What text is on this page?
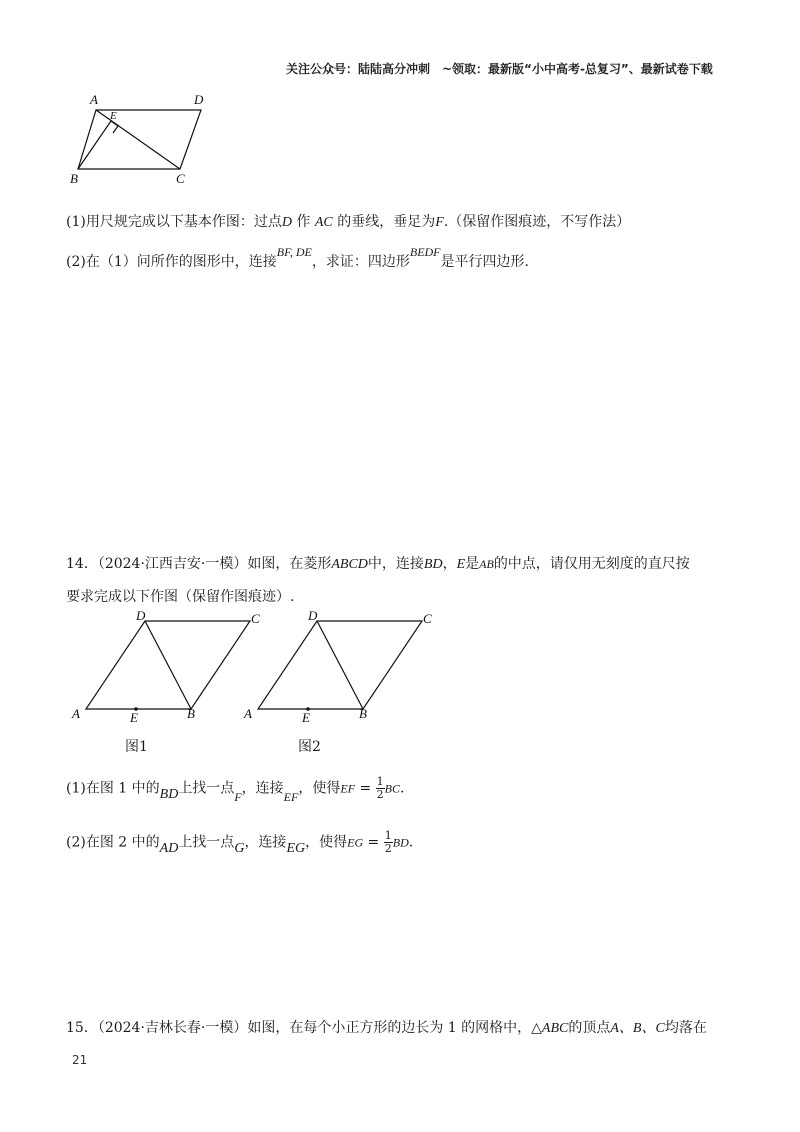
关注公众号：陆陆高分冲刺　~领取：最新版“小中高考-总复习”、最新试卷下载
A	D
E
B	C
(1)用尺规完成以下基本作图：过点D 作 AC 的垂线，垂足为F.（保留作图痕迹，不写作法）
(2)在（1）问所作的图形中，连接BF, DE，求证：四边形BEDF是平行四边形.
14．（2024·江西吉安·一模）如图，在菱形ABCD中，连接BD，E是AB的中点，请仅用无刻度的直尺按
要求完成以下作图（保留作图痕迹）.
D	C
A	B
E
图1
D	C
A	B
E
图2
(1)在图 1 中的BD上找一点F，连接EF，使得EF = $\frac{1}{2}$ BC.
(2)在图 2 中的AD上找一点G，连接EG，使得EG = $\frac{1}{2}$ BD.
15．（2024·吉林长春·一模）如图，在每个小正方形的边长为 1 的网格中，△ABC的顶点A、B、C均落在
21
